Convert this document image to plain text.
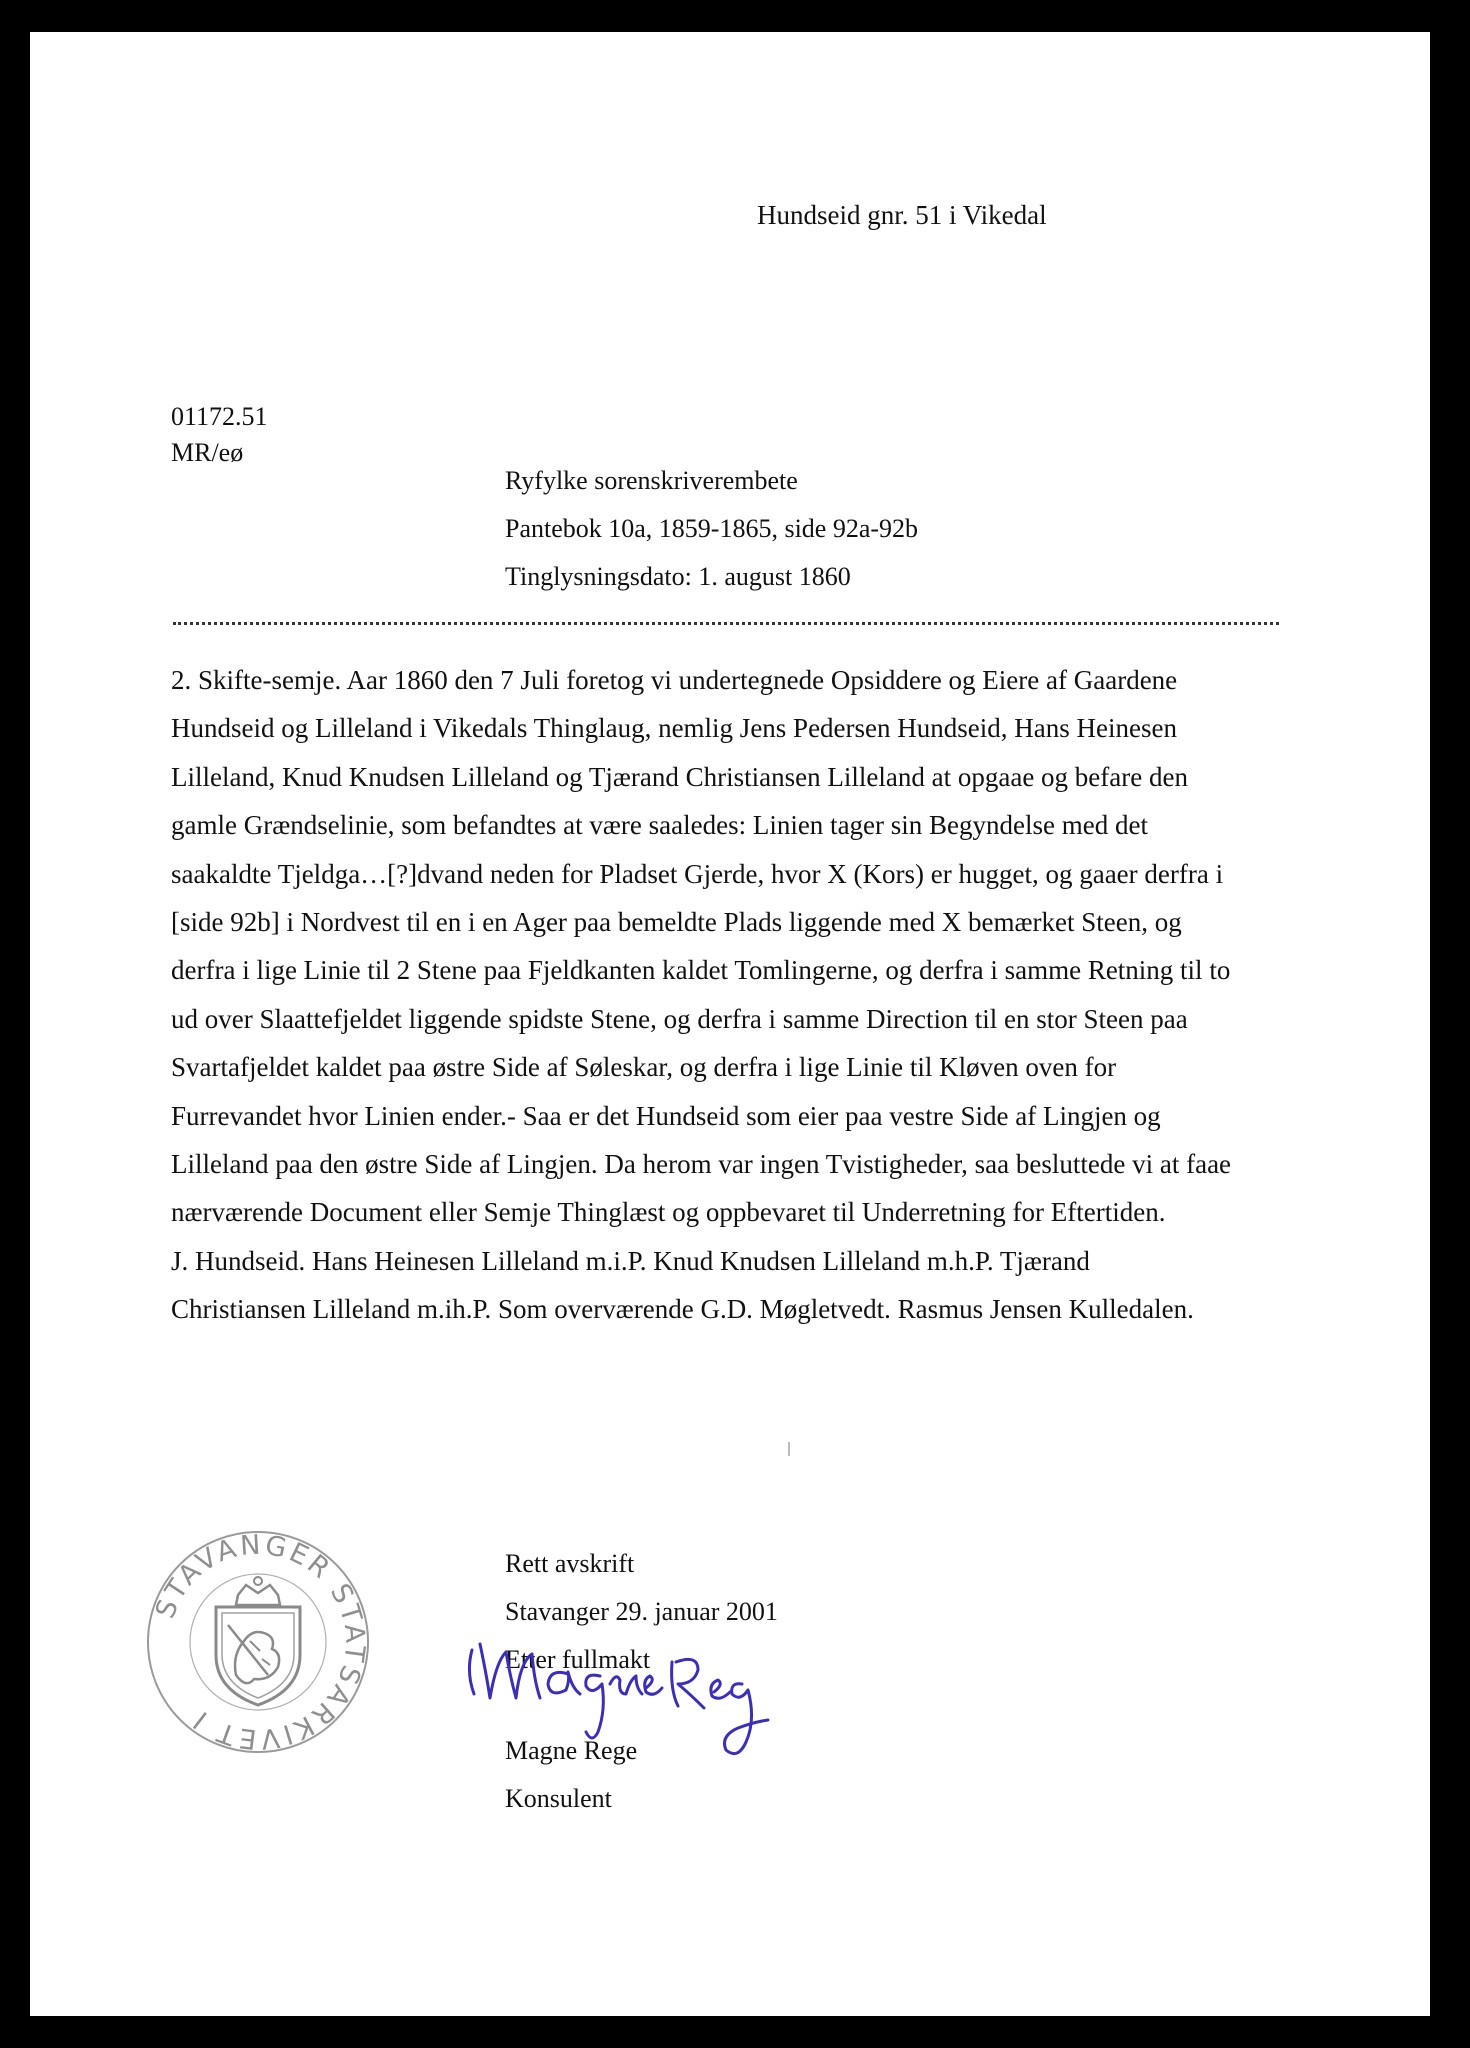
Hundseid gnr. 51 i Vikedal
01172.51
MR/eø
Ryfylke sorenskriverembete
Pantebok 10a, 1859-1865, side 92a-92b
Tinglysningsdato: 1. august 1860
2. Skifte-semje. Aar 1860 den 7 Juli foretog vi undertegnede Opsiddere og Eiere af Gaardene
Hundseid og Lilleland i Vikedals Thinglaug, nemlig Jens Pedersen Hundseid, Hans Heinesen
Lilleland, Knud Knudsen Lilleland og Tjærand Christiansen Lilleland at opgaae og befare den
gamle Grændselinie, som befandtes at være saaledes: Linien tager sin Begyndelse med det
saakaldte Tjeldga…[?]dvand neden for Pladset Gjerde, hvor X (Kors) er hugget, og gaaer derfra i
[side 92b] i Nordvest til en i en Ager paa bemeldte Plads liggende med X bemærket Steen, og
derfra i lige Linie til 2 Stene paa Fjeldkanten kaldet Tomlingerne, og derfra i samme Retning til to
ud over Slaattefjeldet liggende spidste Stene, og derfra i samme Direction til en stor Steen paa
Svartafjeldet kaldet paa østre Side af Søleskar, og derfra i lige Linie til Kløven oven for
Furrevandet hvor Linien ender.- Saa er det Hundseid som eier paa vestre Side af Lingjen og
Lilleland paa den østre Side af Lingjen. Da herom var ingen Tvistigheder, saa besluttede vi at faae
nærværende Document eller Semje Thinglæst og oppbevaret til Underretning for Eftertiden.
J. Hundseid. Hans Heinesen Lilleland m.i.P. Knud Knudsen Lilleland m.h.P. Tjærand
Christiansen Lilleland m.ih.P. Som overværende G.D. Møgletvedt. Rasmus Jensen Kulledalen.
STAVANGER STATSARKIVET I
Rett avskrift
Stavanger 29. januar 2001
Etter fullmakt
Magne Rege
Konsulent
